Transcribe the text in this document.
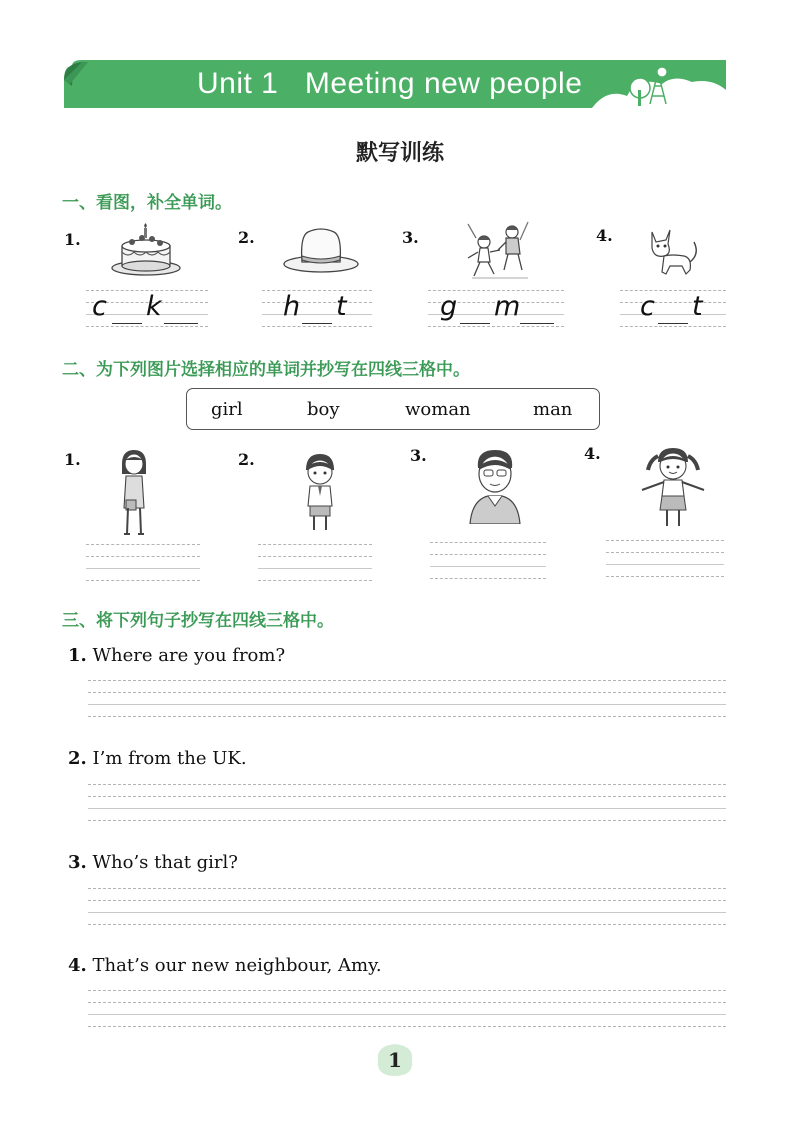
Unit 1   Meeting new people
默写训练
一、看图，补全单词。
1.
c k
2.
h t
3.
g m
4.
c t
二、为下列图片选择相应的单词并抄写在四线三格中。
girl	boy	woman	man
1.	2.	3.	4.
三、将下列句子抄写在四线三格中。
1. Where are you from?
2. I’m from the UK.
3. Who’s that girl?
4. That’s our new neighbour, Amy.
1
